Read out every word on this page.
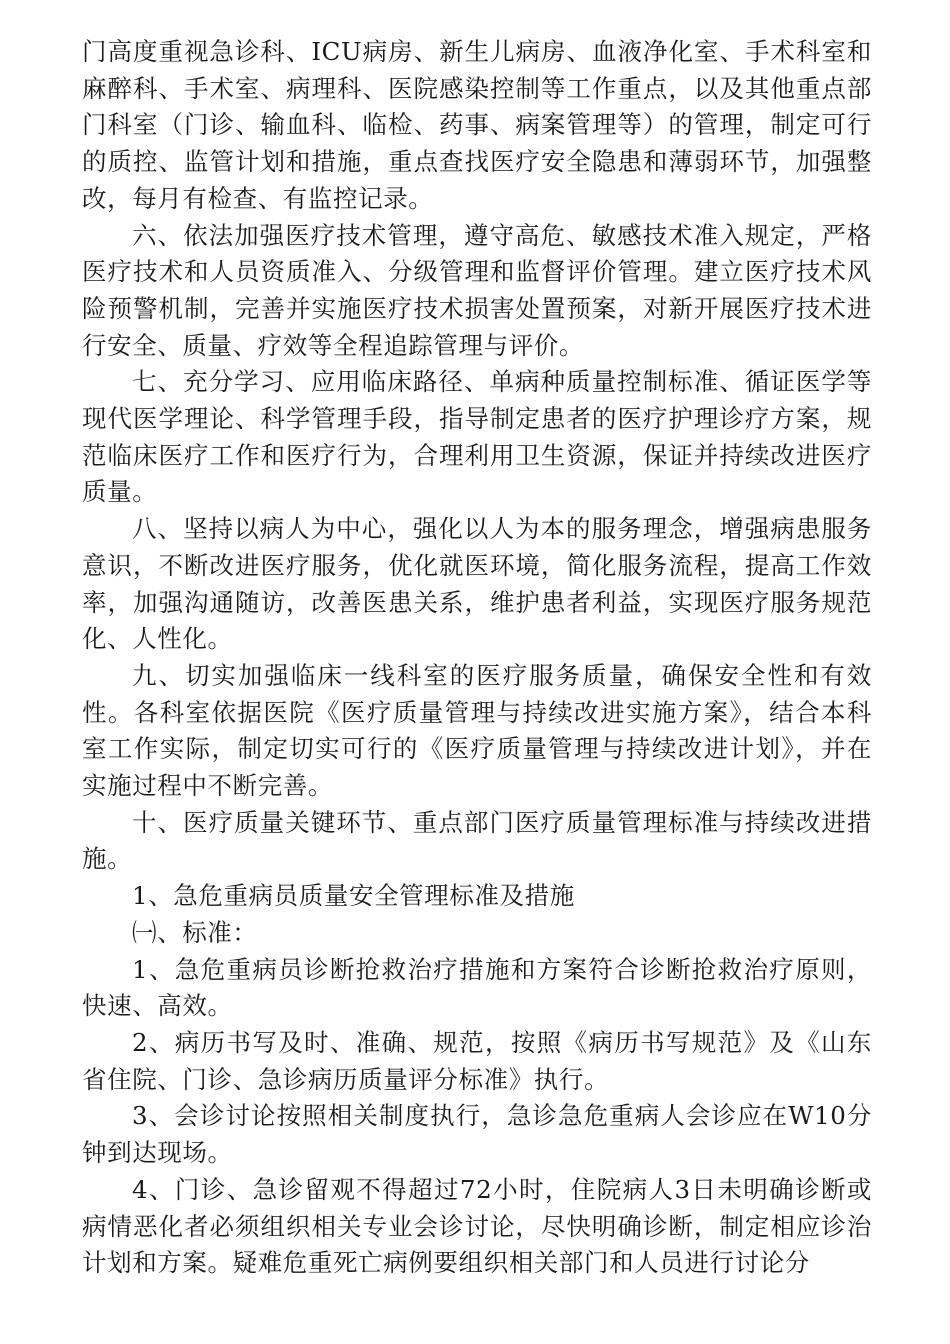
门高度重视急诊科、ICU病房、新生儿病房、血液净化室、手术科室和麻醉科、手术室、病理科、医院感染控制等工作重点，以及其他重点部门科室（门诊、输血科、临检、药事、病案管理等）的管理，制定可行的质控、监管计划和措施，重点查找医疗安全隐患和薄弱环节，加强整改，每月有检查、有监控记录。

六、依法加强医疗技术管理，遵守高危、敏感技术准入规定，严格医疗技术和人员资质准入、分级管理和监督评价管理。建立医疗技术风险预警机制，完善并实施医疗技术损害处置预案，对新开展医疗技术进行安全、质量、疗效等全程追踪管理与评价。

七、充分学习、应用临床路径、单病种质量控制标准、循证医学等现代医学理论、科学管理手段，指导制定患者的医疗护理诊疗方案，规范临床医疗工作和医疗行为，合理利用卫生资源，保证并持续改进医疗质量。

八、坚持以病人为中心，强化以人为本的服务理念，增强病患服务意识，不断改进医疗服务，优化就医环境，简化服务流程，提高工作效率，加强沟通随访，改善医患关系，维护患者利益，实现医疗服务规范化、人性化。

九、切实加强临床一线科室的医疗服务质量，确保安全性和有效性。各科室依据医院《医疗质量管理与持续改进实施方案》，结合本科室工作实际，制定切实可行的《医疗质量管理与持续改进计划》，并在实施过程中不断完善。

十、医疗质量关键环节、重点部门医疗质量管理标准与持续改进措施。

1、急危重病员质量安全管理标准及措施

㈠、标准：

1、急危重病员诊断抢救治疗措施和方案符合诊断抢救治疗原则，快速、高效。

2、病历书写及时、准确、规范，按照《病历书写规范》及《山东省住院、门诊、急诊病历质量评分标准》执行。

3、会诊讨论按照相关制度执行，急诊急危重病人会诊应在W10分钟到达现场。

4、门诊、急诊留观不得超过72小时，住院病人3日未明确诊断或病情恶化者必须组织相关专业会诊讨论，尽快明确诊断，制定相应诊治计划和方案。疑难危重死亡病例要组织相关部门和人员进行讨论分
